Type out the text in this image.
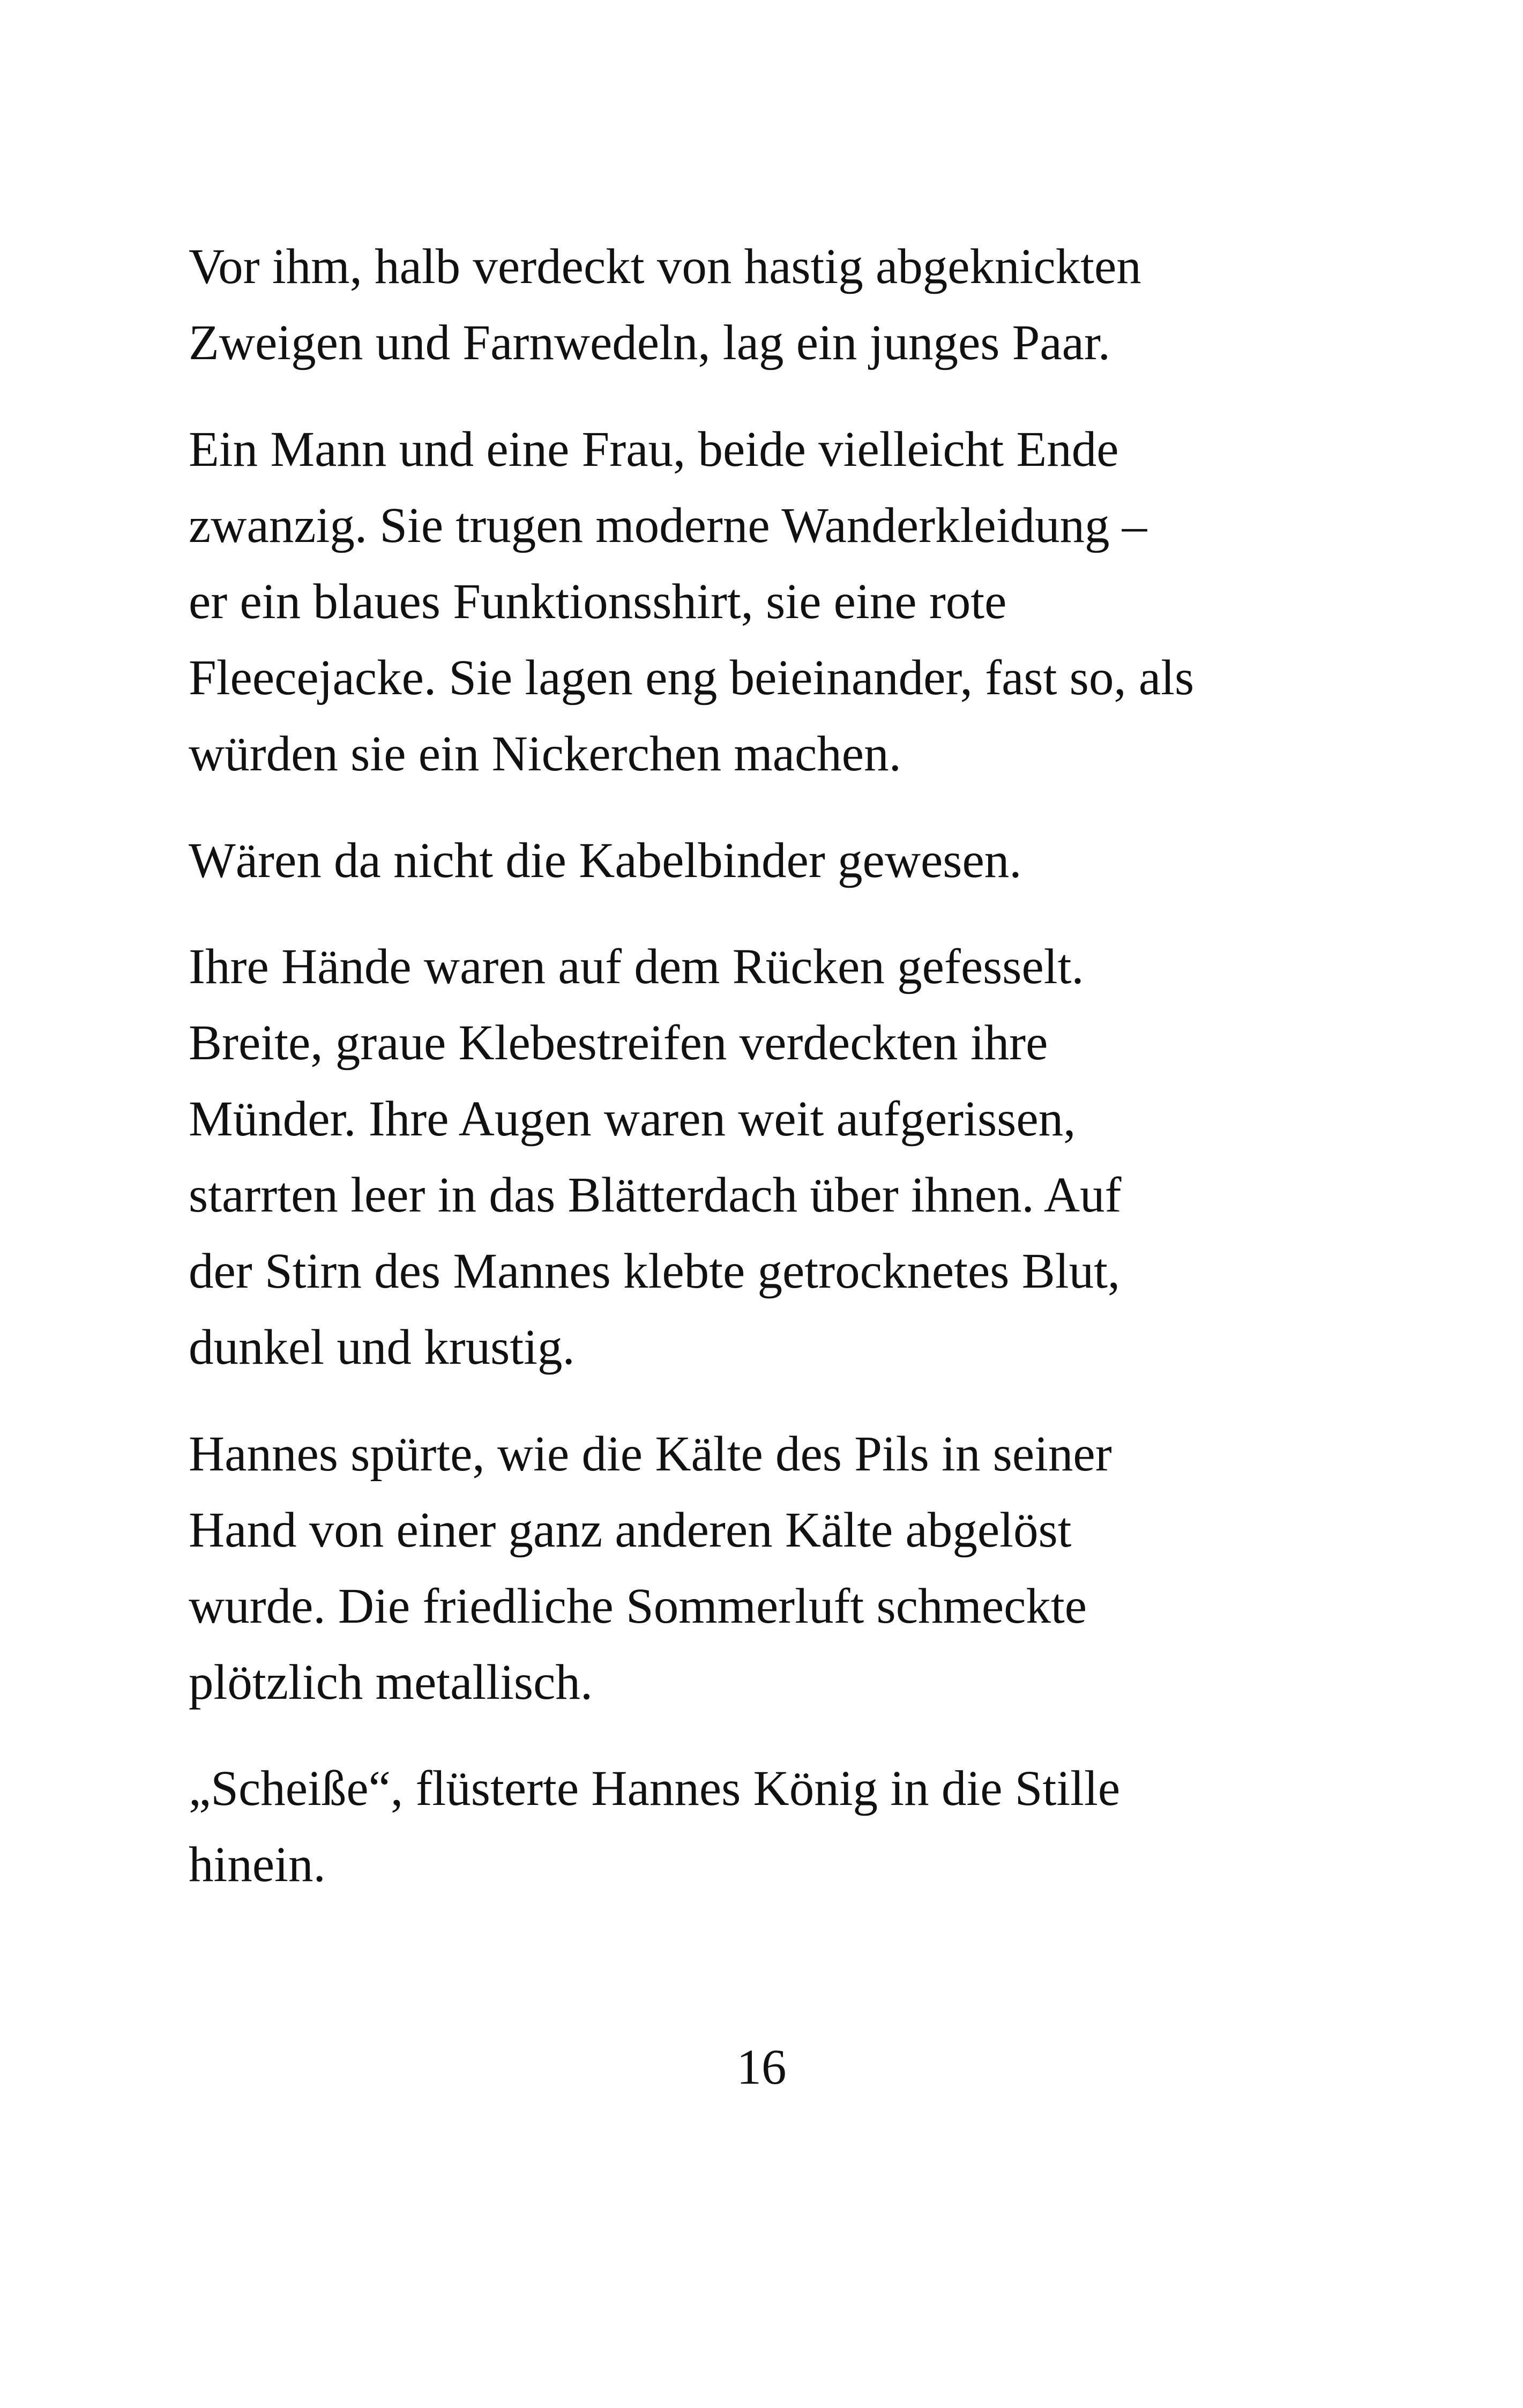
Vor ihm, halb verdeckt von hastig abgeknickten
Zweigen und Farnwedeln, lag ein junges Paar.

Ein Mann und eine Frau, beide vielleicht Ende
zwanzig. Sie trugen moderne Wanderkleidung –
er ein blaues Funktionsshirt, sie eine rote
Fleecejacke. Sie lagen eng beieinander, fast so, als
würden sie ein Nickerchen machen.

Wären da nicht die Kabelbinder gewesen.

Ihre Hände waren auf dem Rücken gefesselt.
Breite, graue Klebestreifen verdeckten ihre
Münder. Ihre Augen waren weit aufgerissen,
starrten leer in das Blätterdach über ihnen. Auf
der Stirn des Mannes klebte getrocknetes Blut,
dunkel und krustig.

Hannes spürte, wie die Kälte des Pils in seiner
Hand von einer ganz anderen Kälte abgelöst
wurde. Die friedliche Sommerluft schmeckte
plötzlich metallisch.

„Scheiße“, flüsterte Hannes König in die Stille
hinein.

16
